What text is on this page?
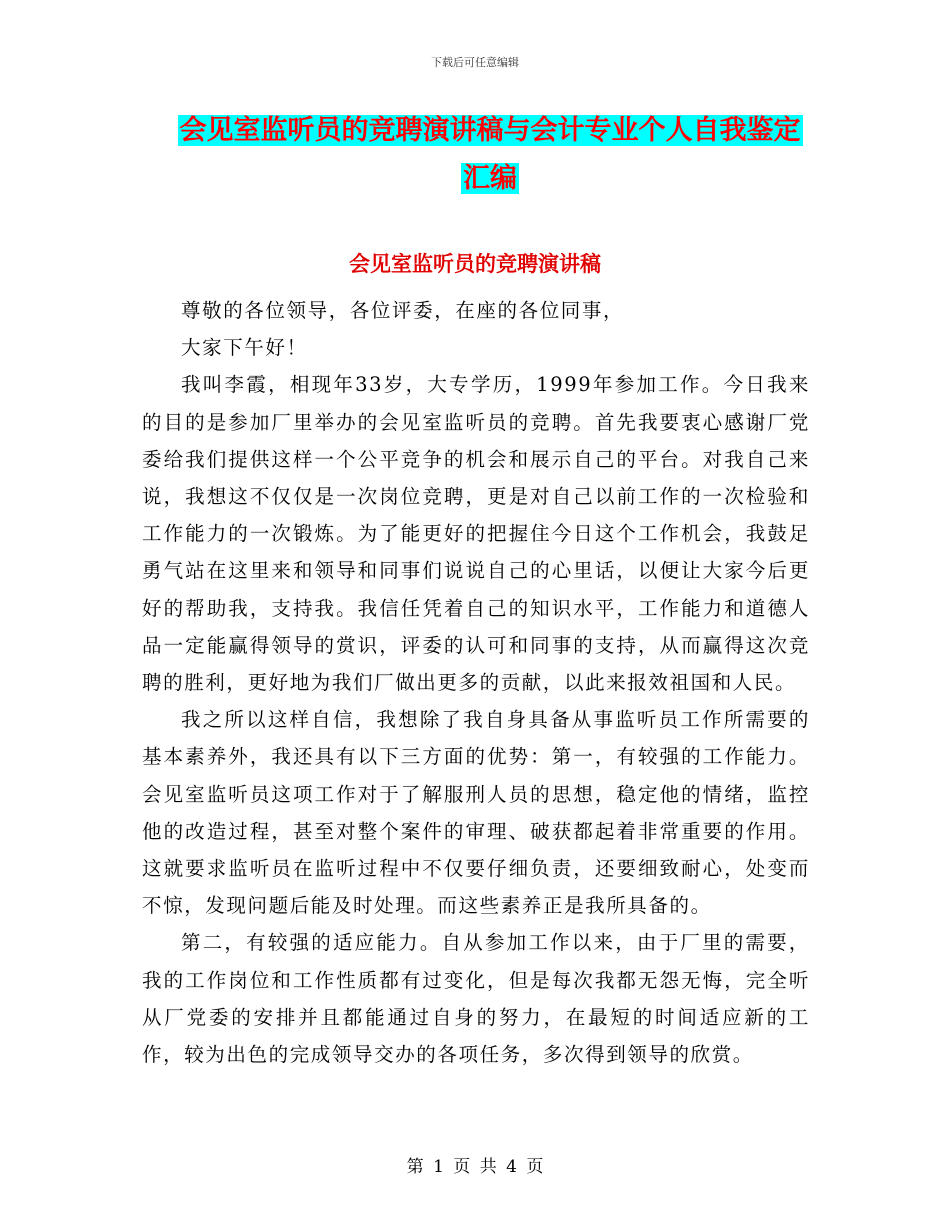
下载后可任意编辑
会见室监听员的竞聘演讲稿与会计专业个人自我鉴定
汇编
会见室监听员的竞聘演讲稿

尊敬的各位领导，各位评委，在座的各位同事，

大家下午好！

我叫李霞，相现年33岁，大专学历，1999年参加工作。今日我来的目的是参加厂里举办的会见室监听员的竞聘。首先我要衷心感谢厂党委给我们提供这样一个公平竞争的机会和展示自己的平台。对我自己来说，我想这不仅仅是一次岗位竞聘，更是对自己以前工作的一次检验和工作能力的一次锻炼。为了能更好的把握住今日这个工作机会，我鼓足勇气站在这里来和领导和同事们说说自己的心里话，以便让大家今后更好的帮助我，支持我。我信任凭着自己的知识水平，工作能力和道德人品一定能赢得领导的赏识，评委的认可和同事的支持，从而赢得这次竞聘的胜利，更好地为我们厂做出更多的贡献，以此来报效祖国和人民。

我之所以这样自信，我想除了我自身具备从事监听员工作所需要的基本素养外，我还具有以下三方面的优势：第一，有较强的工作能力。会见室监听员这项工作对于了解服刑人员的思想，稳定他的情绪，监控他的改造过程，甚至对整个案件的审理、破获都起着非常重要的作用。这就要求监听员在监听过程中不仅要仔细负责，还要细致耐心，处变而不惊，发现问题后能及时处理。而这些素养正是我所具备的。

第二，有较强的适应能力。自从参加工作以来，由于厂里的需要，我的工作岗位和工作性质都有过变化，但是每次我都无怨无悔，完全听从厂党委的安排并且都能通过自身的努力，在最短的时间适应新的工作，较为出色的完成领导交办的各项任务，多次得到领导的欣赏。

第 1 页 共 4 页
